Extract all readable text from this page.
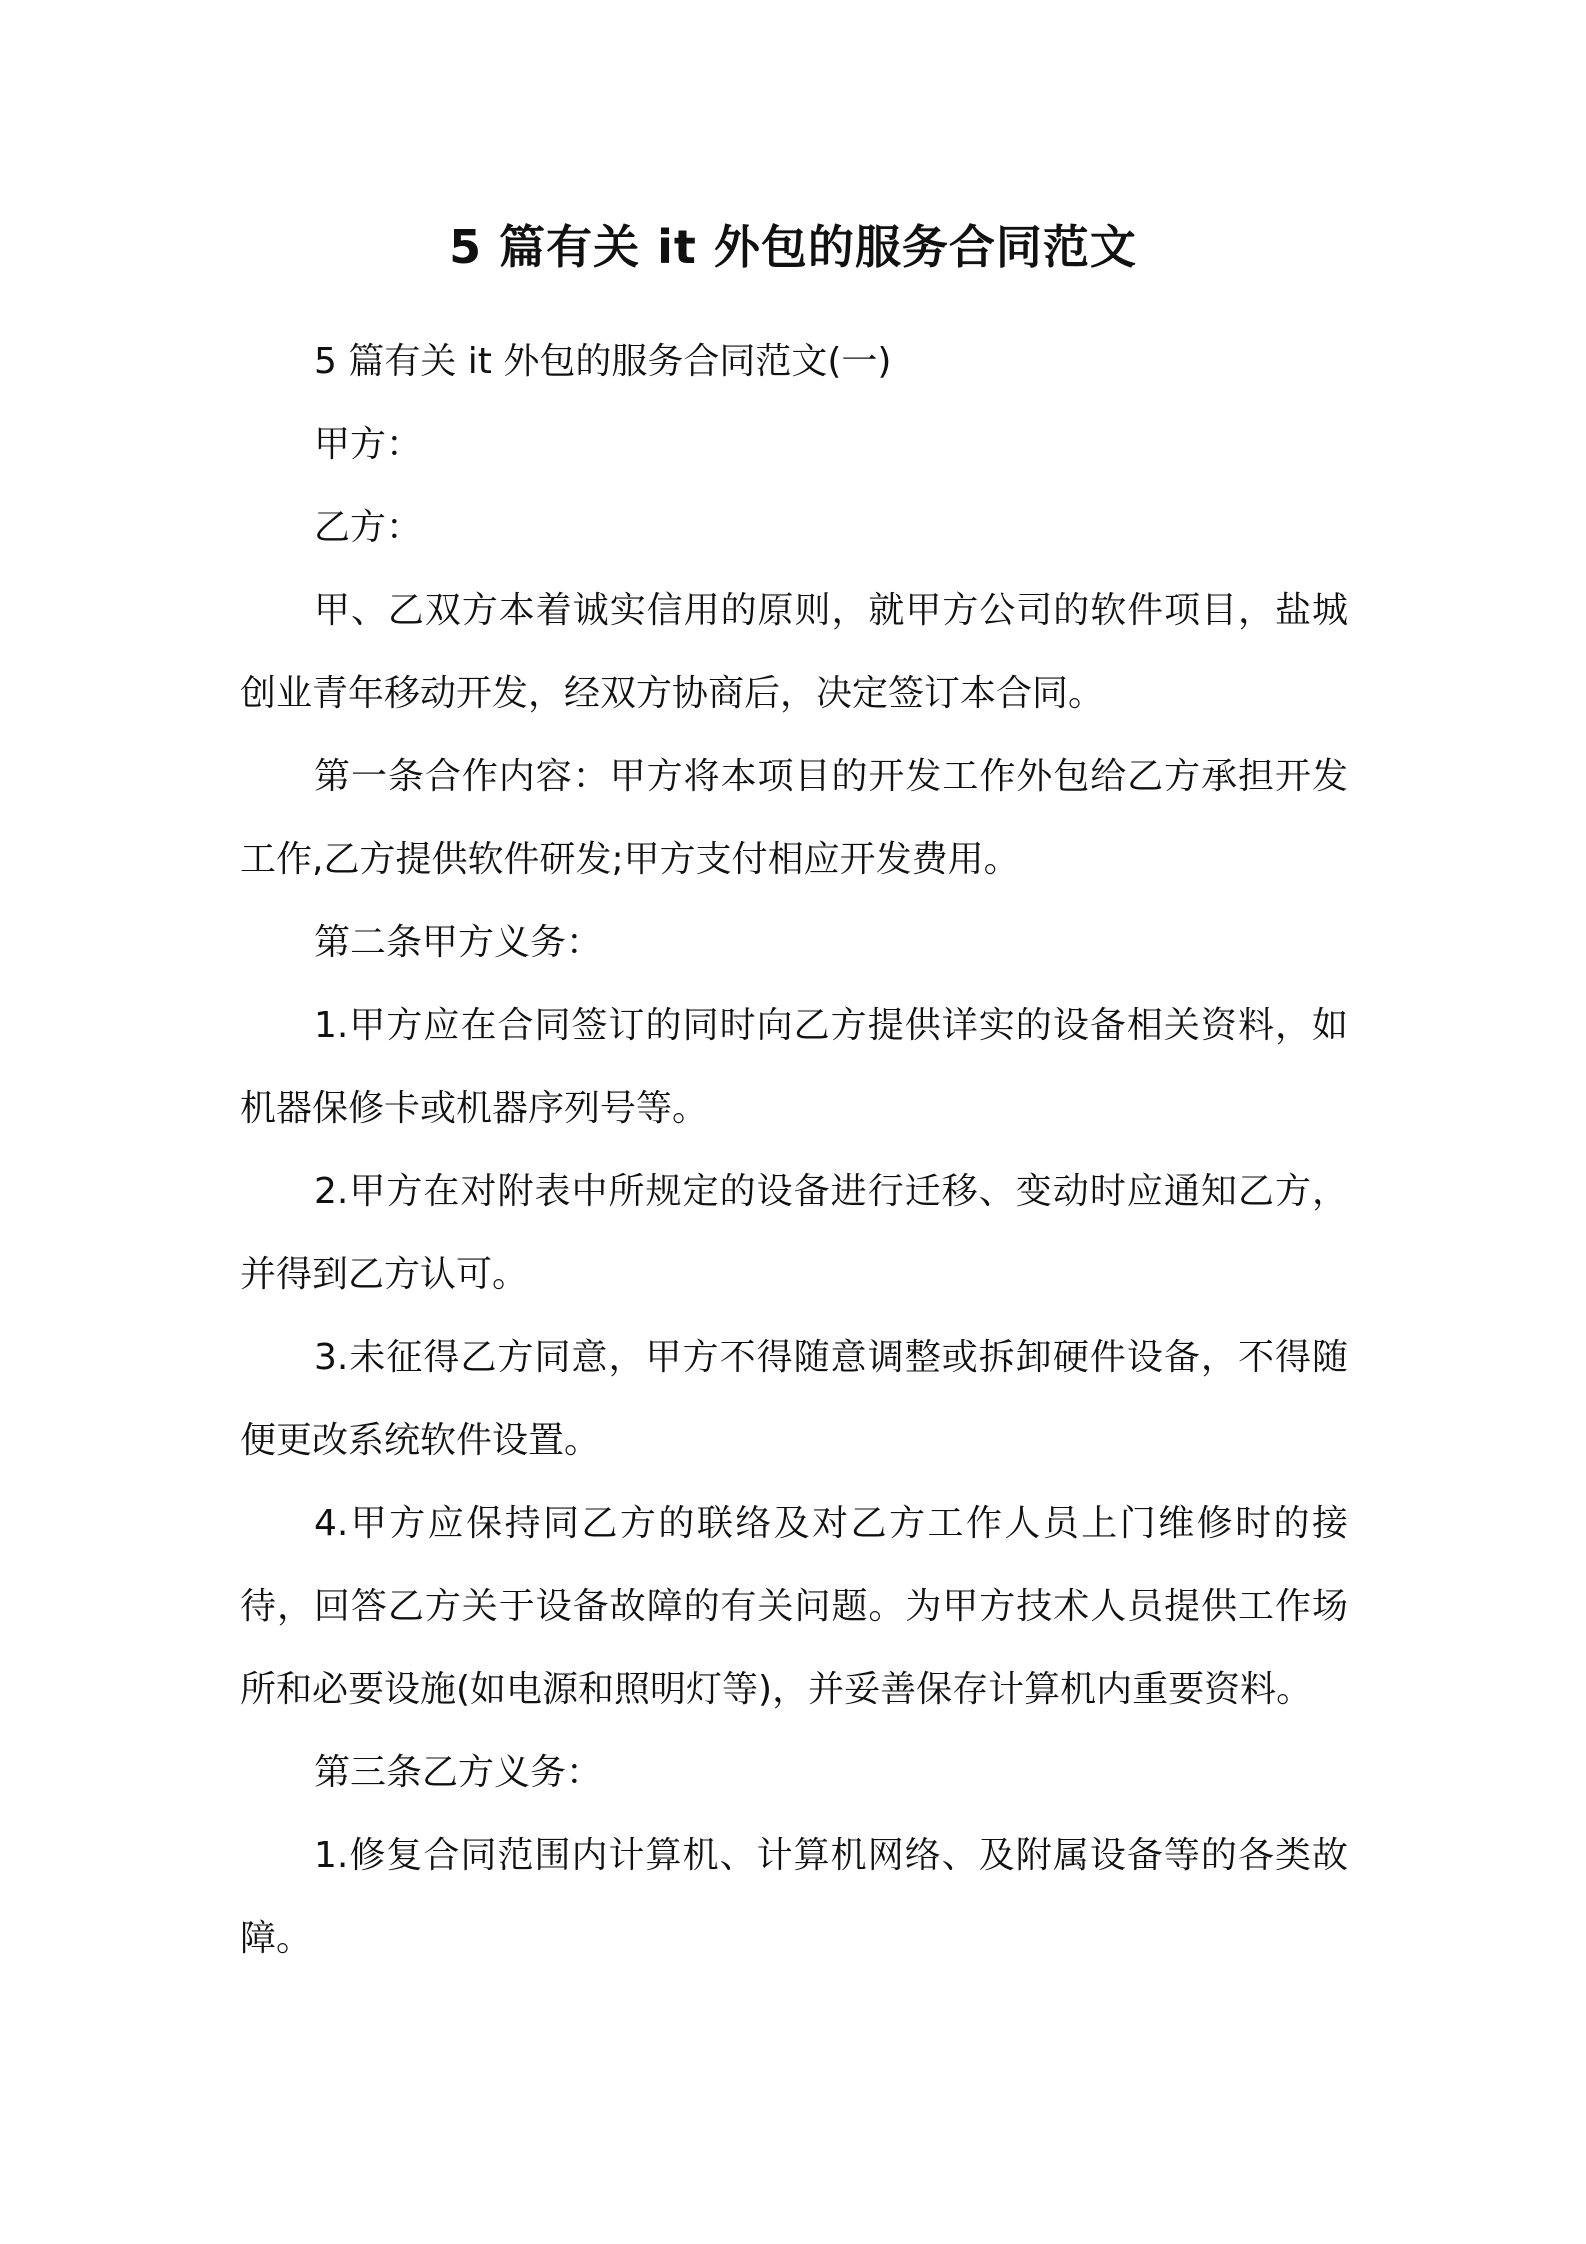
5 篇有关 it 外包的服务合同范文

5 篇有关 it 外包的服务合同范文(一)

甲方：

乙方：

甲、乙双方本着诚实信用的原则，就甲方公司的软件项目，盐城创业青年移动开发，经双方协商后，决定签订本合同。

第一条合作内容：甲方将本项目的开发工作外包给乙方承担开发工作,乙方提供软件研发;甲方支付相应开发费用。

第二条甲方义务：

1.甲方应在合同签订的同时向乙方提供详实的设备相关资料，如机器保修卡或机器序列号等。

2.甲方在对附表中所规定的设备进行迁移、变动时应通知乙方，并得到乙方认可。

3.未征得乙方同意，甲方不得随意调整或拆卸硬件设备，不得随便更改系统软件设置。

4.甲方应保持同乙方的联络及对乙方工作人员上门维修时的接待，回答乙方关于设备故障的有关问题。为甲方技术人员提供工作场所和必要设施(如电源和照明灯等)，并妥善保存计算机内重要资料。

第三条乙方义务：

1.修复合同范围内计算机、计算机网络、及附属设备等的各类故障。
